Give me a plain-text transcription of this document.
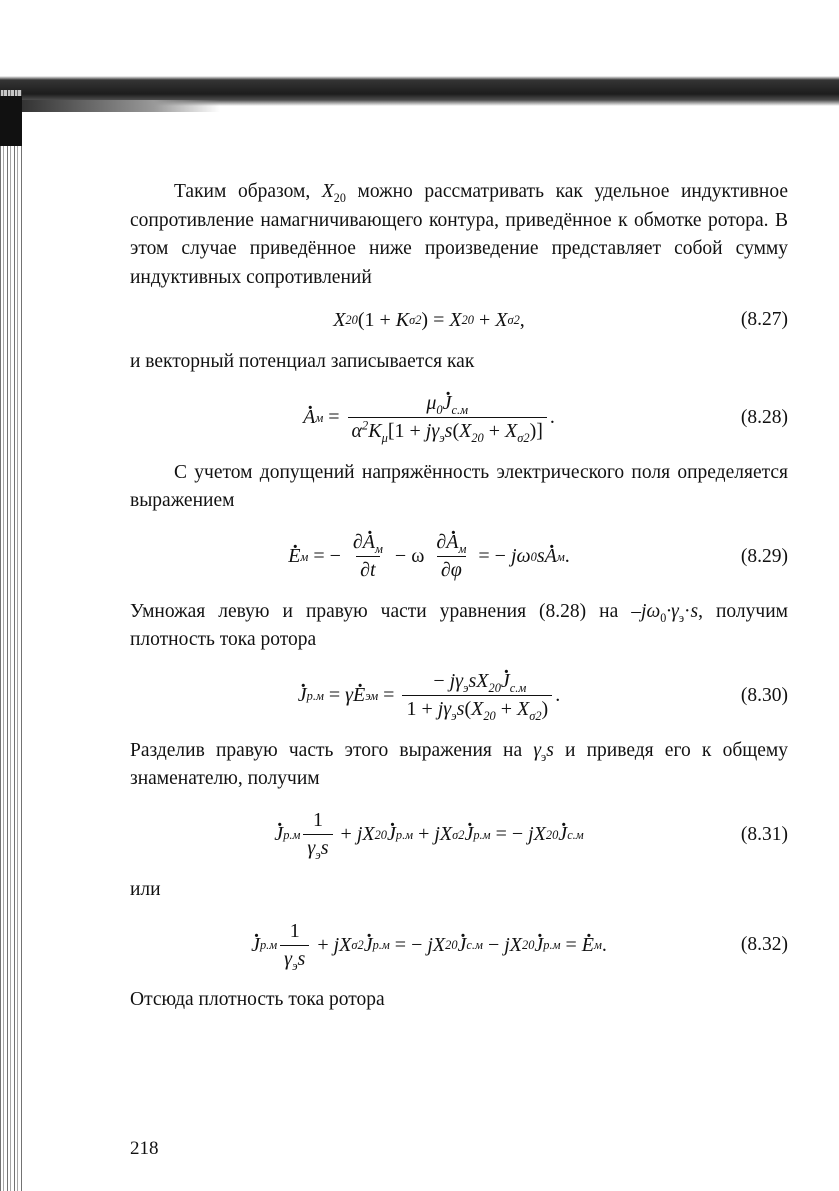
Таким образом, $X_{20}$ можно рассматривать как удельное индуктивное сопротивление намагничивающего контура, приведённое к обмотке ротора. В этом случае приведённое ниже произведение представляет собой сумму индуктивных сопротивлений

X 20 ( 1 + K σ2 ) = X 20 + X σ2 ,	(8.27)

и векторный потенциал записывается как

A . $м = \frac{\mu_0J ._{с.м}}{\alpha^2K_\mu[1 + j\gamma_эs(X_{20} + X_{\sigma 2})]}$ .	(8.28)

С учетом допущений напряжённость электрического поля определяется выражением

E . м = − $\frac{\partial A ._м}{\partial t} - \omega \frac{\partial A ._м}{\partial\varphi}$ = − jω 0 s A . м .	(8.29)

Умножая левую и правую части уравнения (8.28) на $-j\omega_0\cdot\gamma_э\cdot s$, получим плотность тока ротора

J . р.м = γ E . эм = $\frac{- j\gamma_эsX_{20}J ._{с.м}}{1 + j\gamma_эs(X_{20} + X_{\sigma 2})}$ .	(8.30)

Разделив правую часть этого выражения на $\gamma_эs$ и приведя его к общему знаменателю, получим

J . $р.м \frac{1}{\gamma_эs}$ + jX 20 J . р.м + jX σ2 J . р.м = − jX 20 J . с.м	(8.31)

или

J . $р.м \frac{1}{\gamma_эs}$ + jX σ2 J . р.м = − jX 20 J . с.м − jX 20 J . р.м = E . м .	(8.32)

Отсюда плотность тока ротора

218
